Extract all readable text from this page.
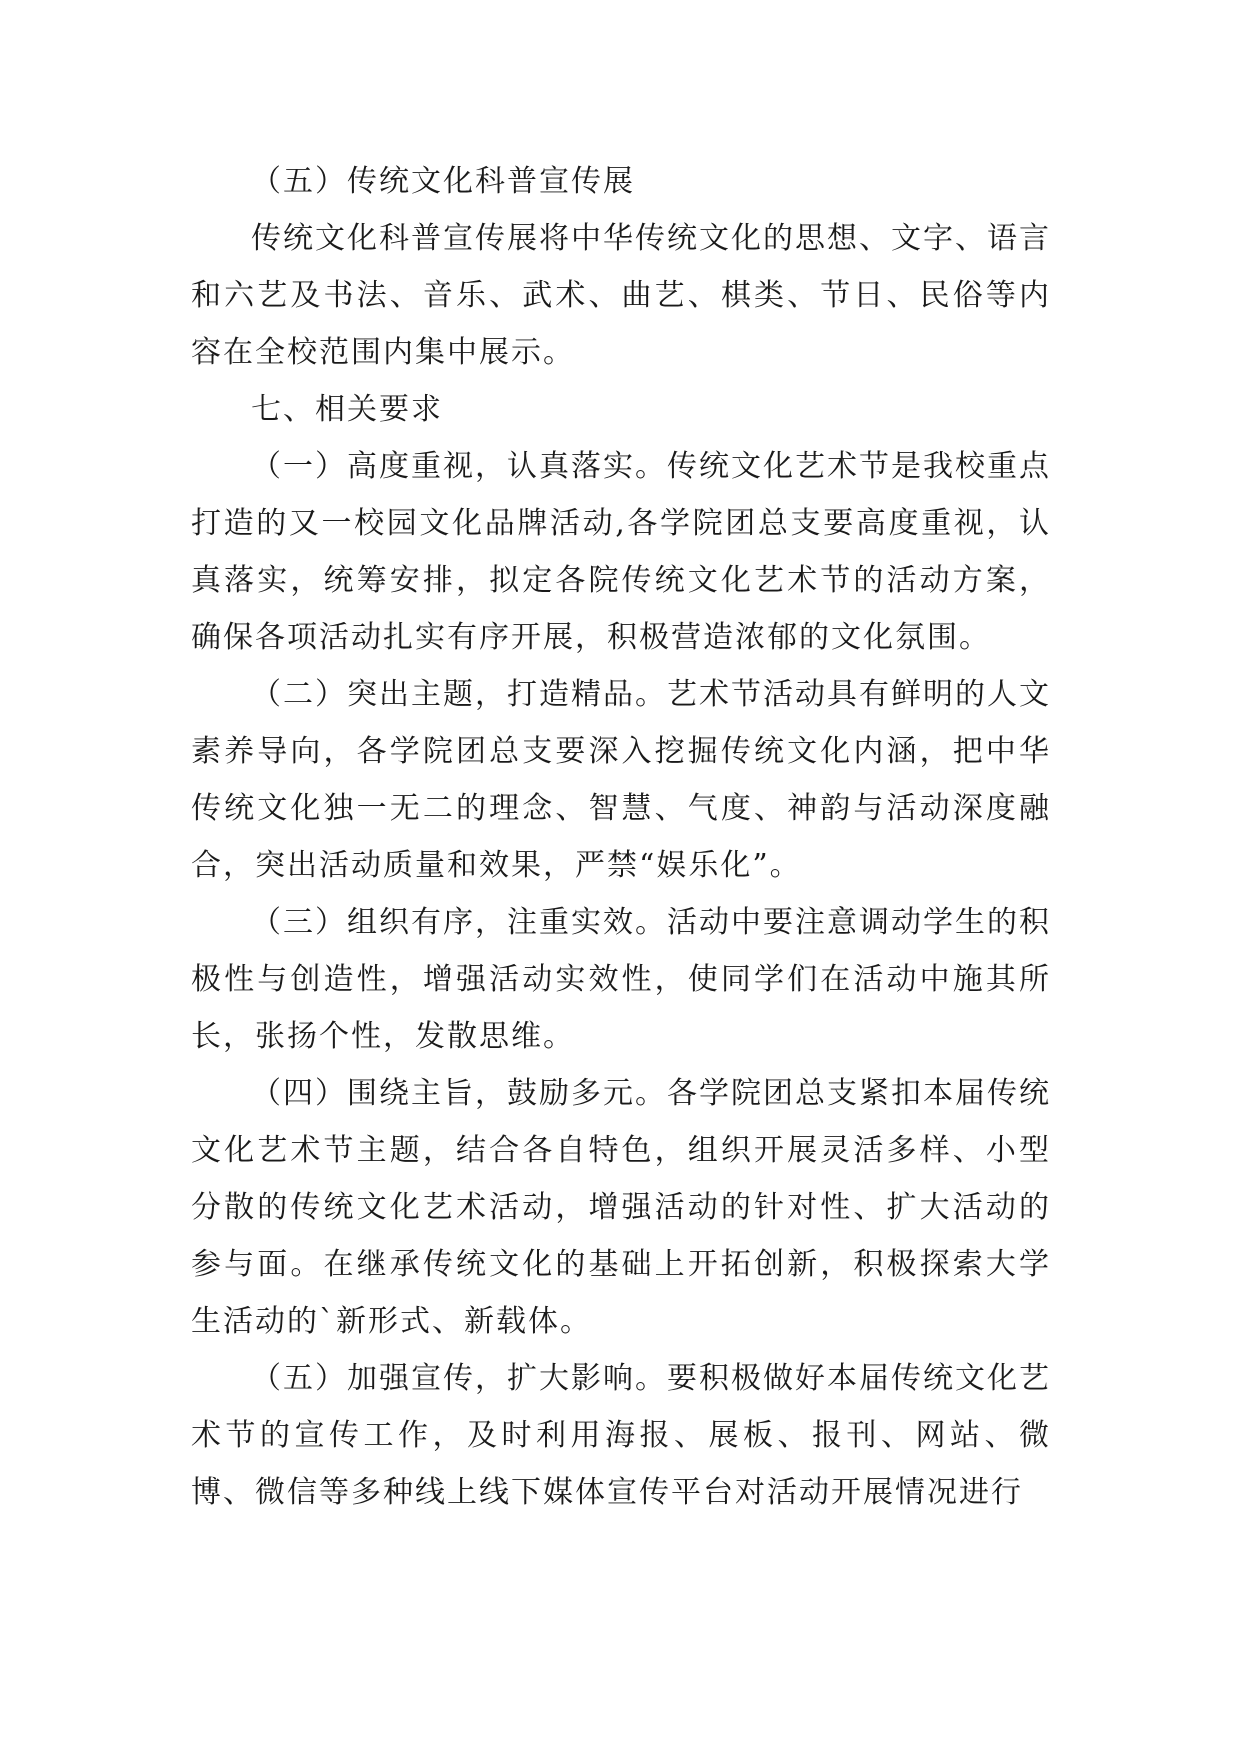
（五）传统文化科普宣传展

传统文化科普宣传展将中华传统文化的思想、文字、语言和六艺及书法、音乐、武术、曲艺、棋类、节日、民俗等内容在全校范围内集中展示。

七、相关要求

（一）高度重视，认真落实。传统文化艺术节是我校重点打造的又一校园文化品牌活动,各学院团总支要高度重视，认真落实，统筹安排，拟定各院传统文化艺术节的活动方案，确保各项活动扎实有序开展，积极营造浓郁的文化氛围。

（二）突出主题，打造精品。艺术节活动具有鲜明的人文素养导向，各学院团总支要深入挖掘传统文化内涵，把中华传统文化独一无二的理念、智慧、气度、神韵与活动深度融合，突出活动质量和效果，严禁“娱乐化”。

（三）组织有序，注重实效。活动中要注意调动学生的积极性与创造性，增强活动实效性，使同学们在活动中施其所长，张扬个性，发散思维。

（四）围绕主旨，鼓励多元。各学院团总支紧扣本届传统文化艺术节主题，结合各自特色，组织开展灵活多样、小型分散的传统文化艺术活动，增强活动的针对性、扩大活动的参与面。在继承传统文化的基础上开拓创新，积极探索大学生活动的`新形式、新载体。

（五）加强宣传，扩大影响。要积极做好本届传统文化艺术节的宣传工作，及时利用海报、展板、报刊、网站、微博、微信等多种线上线下媒体宣传平台对活动开展情况进行
